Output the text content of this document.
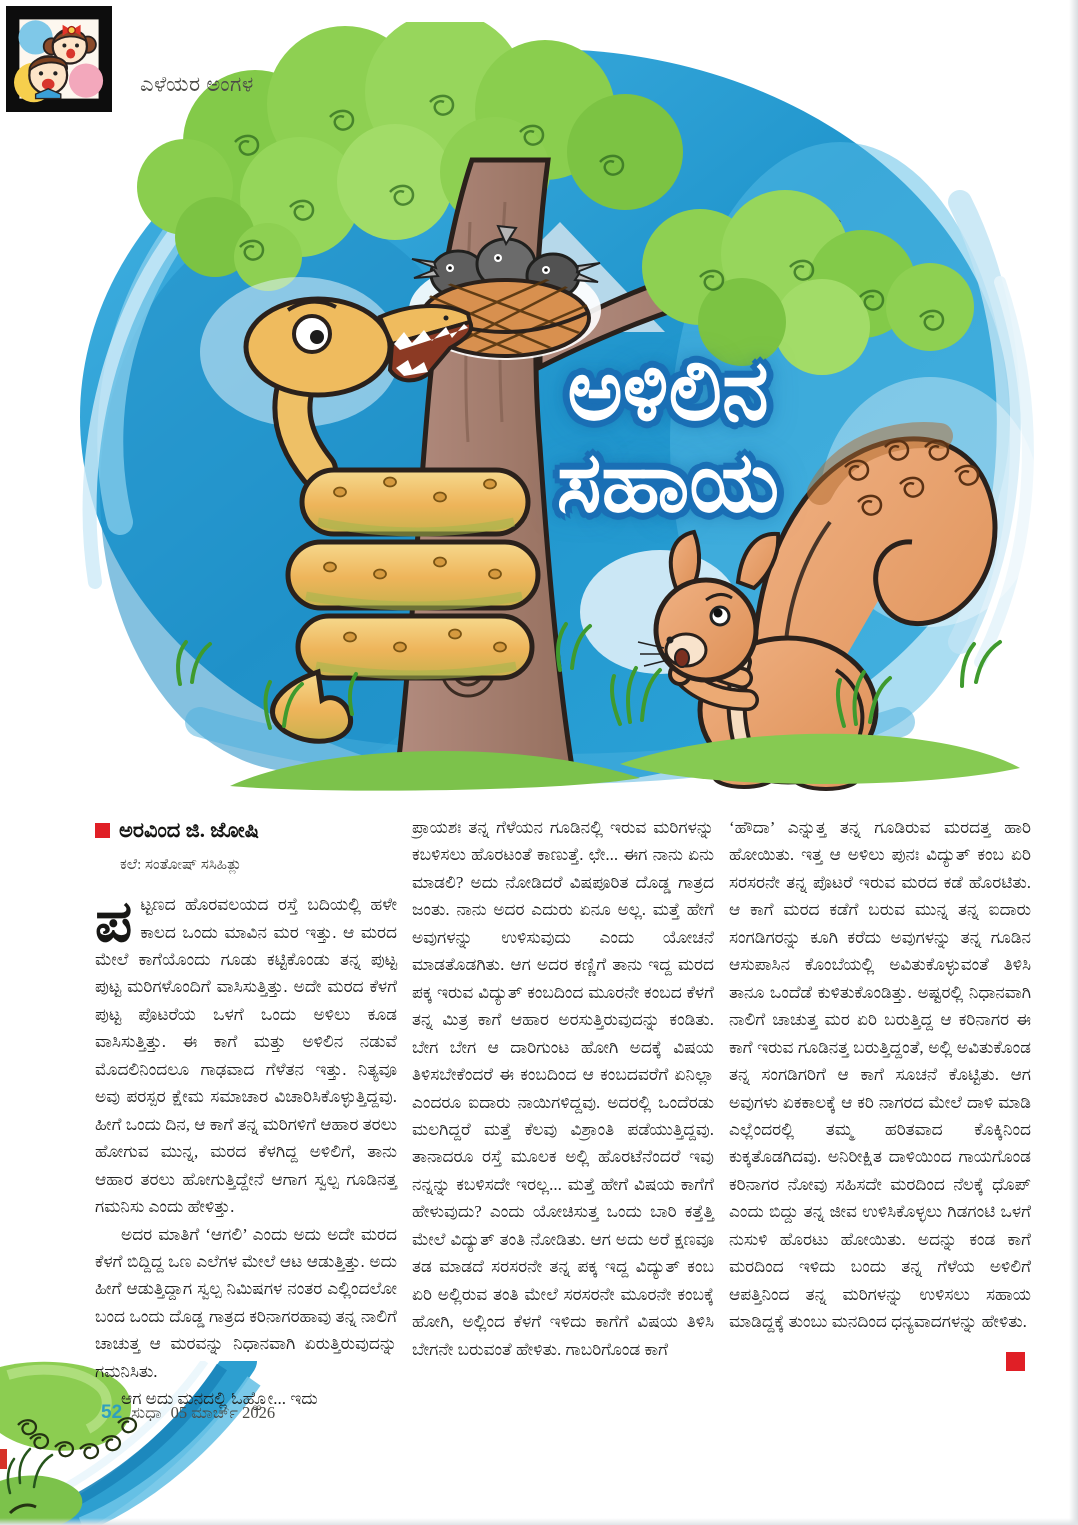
ಎಳೆಯರ ಅಂಗಳ
ಅಳಿಲಿನ
ಸಹಾಯ
ಅರವಿಂದ ಜಿ. ಜೋಷಿ
ಕಲೆ: ಸಂತೋಷ್ ಸಸಿಹಿತ್ಲು

ಪಟ್ಟಣದ ಹೊರವಲಯದ ರಸ್ತೆ ಬದಿಯಲ್ಲಿ ಹಳೇ ಕಾಲದ ಒಂದು ಮಾವಿನ ಮರ ಇತ್ತು. ಆ ಮರದ ಮೇಲೆ ಕಾಗೆಯೊಂದು ಗೂಡು ಕಟ್ಟಿಕೊಂಡು ತನ್ನ ಪುಟ್ಟ ಪುಟ್ಟ ಮರಿಗಳೊಂದಿಗೆ ವಾಸಿಸುತ್ತಿತ್ತು. ಅದೇ ಮರದ ಕೆಳಗೆ ಪುಟ್ಟ ಪೊಟರೆಯ ಒಳಗೆ ಒಂದು ಅಳಿಲು ಕೂಡ ವಾಸಿಸುತ್ತಿತ್ತು. ಈ ಕಾಗೆ ಮತ್ತು ಅಳಿಲಿನ ನಡುವೆ ಮೊದಲಿನಿಂದಲೂ ಗಾಢವಾದ ಗೆಳೆತನ ಇತ್ತು. ನಿತ್ಯವೂ ಅವು ಪರಸ್ಪರ ಕ್ಷೇಮ ಸಮಾಚಾರ ವಿಚಾರಿಸಿಕೊಳ್ಳುತ್ತಿದ್ದವು. ಹೀಗೆ ಒಂದು ದಿನ, ಆ ಕಾಗೆ ತನ್ನ ಮರಿಗಳಿಗೆ ಆಹಾರ ತರಲು ಹೋಗುವ ಮುನ್ನ, ಮರದ ಕೆಳಗಿದ್ದ ಅಳಿಲಿಗೆ, ತಾನು ಆಹಾರ ತರಲು ಹೋಗುತ್ತಿದ್ದೇನೆ ಆಗಾಗ ಸ್ವಲ್ಪ ಗೂಡಿನತ್ತ ಗಮನಿಸು ಎಂದು ಹೇಳಿತ್ತು.

ಅದರ ಮಾತಿಗೆ ‘ಆಗಲಿ’ ಎಂದು ಅದು ಅದೇ ಮರದ ಕೆಳಗೆ ಬಿದ್ದಿದ್ದ ಒಣ ಎಲೆಗಳ ಮೇಲೆ ಆಟ ಆಡುತ್ತಿತ್ತು. ಅದು ಹೀಗೆ ಆಡುತ್ತಿದ್ದಾಗ ಸ್ವಲ್ಪ ನಿಮಿಷಗಳ ನಂತರ ಎಲ್ಲಿಂದಲೋ ಬಂದ ಒಂದು ದೊಡ್ಡ ಗಾತ್ರದ ಕರಿನಾಗರಹಾವು ತನ್ನ ನಾಲಿಗೆ ಚಾಚುತ್ತ ಆ ಮರವನ್ನು ನಿಧಾನವಾಗಿ ಏರುತ್ತಿರುವುದನ್ನು ಗಮನಿಸಿತು.

ಆಗ ಅದು ಮನದಲ್ಲಿ ಓಹ್ಹೋ... ಇದು

ಪ್ರಾಯಶಃ ತನ್ನ ಗೆಳೆಯನ ಗೂಡಿನಲ್ಲಿ ಇರುವ ಮರಿಗಳನ್ನು ಕಬಳಿಸಲು ಹೊರಟಂತೆ ಕಾಣುತ್ತೆ. ಛೇ... ಈಗ ನಾನು ಏನು ಮಾಡಲಿ? ಅದು ನೋಡಿದರೆ ವಿಷಪೂರಿತ ದೊಡ್ಡ ಗಾತ್ರದ ಜಂತು. ನಾನು ಅದರ ಎದುರು ಏನೂ ಅಲ್ಲ. ಮತ್ತೆ ಹೇಗೆ ಅವುಗಳನ್ನು ಉಳಿಸುವುದು ಎಂದು ಯೋಚನೆ ಮಾಡತೊಡಗಿತು. ಆಗ ಅದರ ಕಣ್ಣಿಗೆ ತಾನು ಇದ್ದ ಮರದ ಪಕ್ಕ ಇರುವ ವಿದ್ಯುತ್ ಕಂಬದಿಂದ ಮೂರನೇ ಕಂಬದ ಕೆಳಗೆ ತನ್ನ ಮಿತ್ರ ಕಾಗೆ ಆಹಾರ ಅರಸುತ್ತಿರುವುದನ್ನು ಕಂಡಿತು. ಬೇಗ ಬೇಗ ಆ ದಾರಿಗುಂಟ ಹೋಗಿ ಅದಕ್ಕೆ ವಿಷಯ ತಿಳಿಸಬೇಕೆಂದರೆ ಈ ಕಂಬದಿಂದ ಆ ಕಂಬದವರೆಗೆ ಏನಿಲ್ಲಾ ಎಂದರೂ ಐದಾರು ನಾಯಿಗಳಿದ್ದವು. ಅದರಲ್ಲಿ ಒಂದೆರಡು ಮಲಗಿದ್ದರೆ ಮತ್ತೆ ಕೆಲವು ವಿಶ್ರಾಂತಿ ಪಡೆಯುತ್ತಿದ್ದವು. ತಾನಾದರೂ ರಸ್ತೆ ಮೂಲಕ ಅಲ್ಲಿ ಹೊರಟೆನೆಂದರೆ ಇವು ನನ್ನನ್ನು ಕಬಳಿಸದೇ ಇರಲ್ಲ... ಮತ್ತೆ ಹೇಗೆ ವಿಷಯ ಕಾಗೆಗೆ ಹೇಳುವುದು? ಎಂದು ಯೋಚಿಸುತ್ತ ಒಂದು ಬಾರಿ ಕತ್ತೆತ್ತಿ ಮೇಲೆ ವಿದ್ಯುತ್ ತಂತಿ ನೋಡಿತು. ಆಗ ಅದು ಅರೆ ಕ್ಷಣವೂ ತಡ ಮಾಡದೆ ಸರಸರನೇ ತನ್ನ ಪಕ್ಕ ಇದ್ದ ವಿದ್ಯುತ್ ಕಂಬ ಏರಿ ಅಲ್ಲಿರುವ ತಂತಿ ಮೇಲೆ ಸರಸರನೇ ಮೂರನೇ ಕಂಬಕ್ಕೆ ಹೋಗಿ, ಅಲ್ಲಿಂದ ಕೆಳಗೆ ಇಳಿದು ಕಾಗೆಗೆ ವಿಷಯ ತಿಳಿಸಿ ಬೇಗನೇ ಬರುವಂತೆ ಹೇಳಿತು. ಗಾಬರಿಗೊಂಡ ಕಾಗೆ

‘ಹೌದಾ’ ಎನ್ನುತ್ತ ತನ್ನ ಗೂಡಿರುವ ಮರದತ್ತ ಹಾರಿ ಹೋಯಿತು. ಇತ್ತ ಆ ಅಳಿಲು ಪುನಃ ವಿದ್ಯುತ್ ಕಂಬ ಏರಿ ಸರಸರನೇ ತನ್ನ ಪೊಟರೆ ಇರುವ ಮರದ ಕಡೆ ಹೊರಟಿತು. ಆ ಕಾಗೆ ಮರದ ಕಡೆಗೆ ಬರುವ ಮುನ್ನ ತನ್ನ ಐದಾರು ಸಂಗಡಿಗರನ್ನು ಕೂಗಿ ಕರೆದು ಅವುಗಳನ್ನು ತನ್ನ ಗೂಡಿನ ಆಸುಪಾಸಿನ ಕೊಂಬೆಯಲ್ಲಿ ಅವಿತುಕೊಳ್ಳುವಂತೆ ತಿಳಿಸಿ ತಾನೂ ಒಂದೆಡೆ ಕುಳಿತುಕೊಂಡಿತ್ತು. ಅಷ್ಟರಲ್ಲಿ ನಿಧಾನವಾಗಿ ನಾಲಿಗೆ ಚಾಚುತ್ತ ಮರ ಏರಿ ಬರುತ್ತಿದ್ದ ಆ ಕರಿನಾಗರ ಈ ಕಾಗೆ ಇರುವ ಗೂಡಿನತ್ತ ಬರುತ್ತಿದ್ದಂತೆ, ಅಲ್ಲಿ ಅವಿತುಕೊಂಡ ತನ್ನ ಸಂಗಡಿಗರಿಗೆ ಆ ಕಾಗೆ ಸೂಚನೆ ಕೊಟ್ಟಿತು. ಆಗ ಅವುಗಳು ಏಕಕಾಲಕ್ಕೆ ಆ ಕರಿ ನಾಗರದ ಮೇಲೆ ದಾಳಿ ಮಾಡಿ ಎಲ್ಲೆಂದರಲ್ಲಿ ತಮ್ಮ ಹರಿತವಾದ ಕೊಕ್ಕಿನಿಂದ ಕುಕ್ಕತೊಡಗಿದವು. ಅನಿರೀಕ್ಷಿತ ದಾಳಿಯಿಂದ ಗಾಯಗೊಂಡ ಕರಿನಾಗರ ನೋವು ಸಹಿಸದೇ ಮರದಿಂದ ನೆಲಕ್ಕೆ ಧೊಪ್ ಎಂದು ಬಿದ್ದು ತನ್ನ ಜೀವ ಉಳಿಸಿಕೊಳ್ಳಲು ಗಿಡಗಂಟಿ ಒಳಗೆ ನುಸುಳಿ ಹೊರಟು ಹೋಯಿತು. ಅದನ್ನು ಕಂಡ ಕಾಗೆ ಮರದಿಂದ ಇಳಿದು ಬಂದು ತನ್ನ ಗೆಳೆಯ ಅಳಿಲಿಗೆ ಆಪತ್ತಿನಿಂದ ತನ್ನ ಮರಿಗಳನ್ನು ಉಳಿಸಲು ಸಹಾಯ ಮಾಡಿದ್ದಕ್ಕೆ ತುಂಬು ಮನದಿಂದ ಧನ್ಯವಾದಗಳನ್ನು ಹೇಳಿತು.

52 ಸುಧಾ 05 ಮಾರ್ಚ್ 2026
